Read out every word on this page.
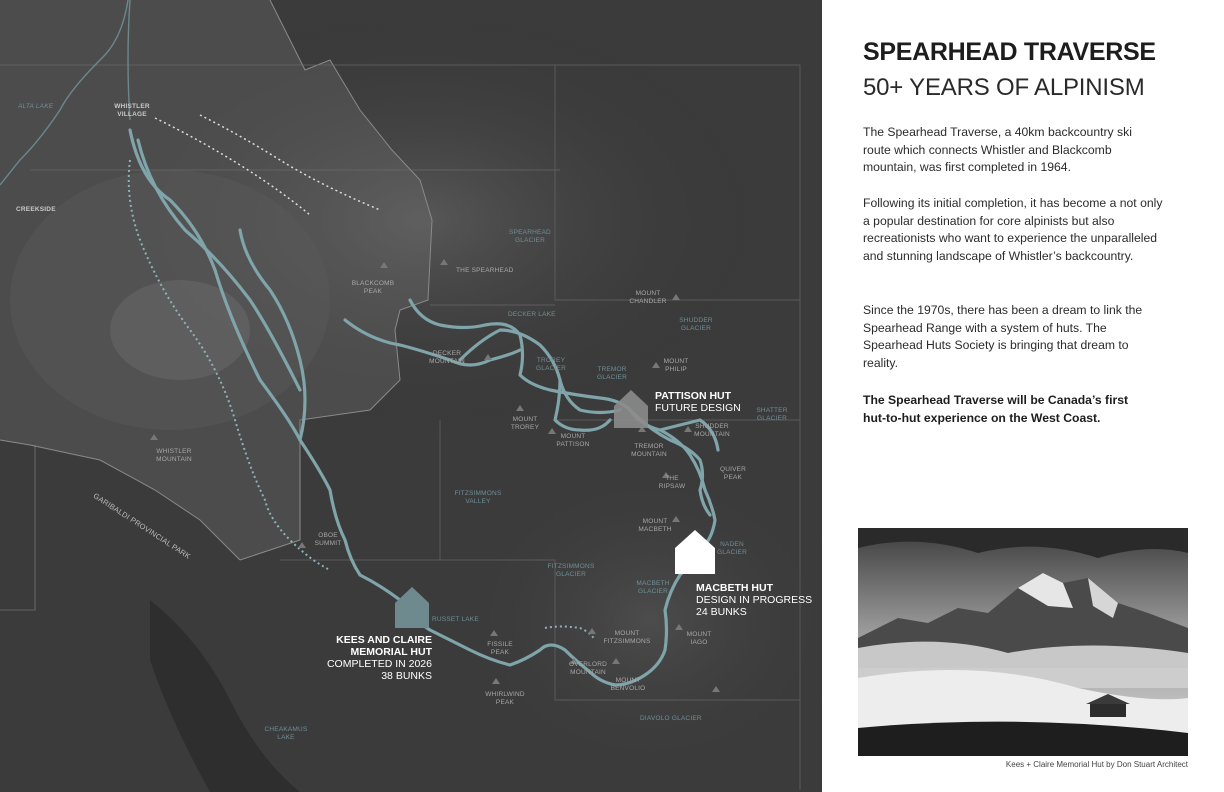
ALTA LAKE	WHISTLER VILLAGE
CREEKSIDE
BLACKCOMB PEAK
THE SPEARHEAD
SPEARHEAD GLACIER
MOUNT CHANDLER
SHUDDER GLACIER
DECKER LAKE
DECKER MOUNTAIN	TROREY GLACIER	TREMOR GLACIER
MOUNT PHILIP
SHATTER GLACIER
MOUNT TROREY
MOUNT PATTISON	TREMOR MOUNTAIN
SHUDDER MOUNTAIN
THE RIPSAW
QUIVER PEAK
WHISTLER MOUNTAIN
GARIBALDI PROVINCIAL PARK	FITZSIMMONS VALLEY
MOUNT MACBETH
NADEN GLACIER
OBOE SUMMIT
FITZSIMMONS GLACIER
MACBETH GLACIER
RUSSET LAKE
FISSILE PEAK
MOUNT FITZSIMMONS
MOUNT IAGO
OVERLORD MOUNTAIN
MOUNT BENVOLIO
WHIRLWIND PEAK
DIAVOLO GLACIER
CHEAKAMUS LAKE
PATTISON HUT
FUTURE DESIGN
MACBETH HUT
DESIGN IN PROGRESS
24 BUNKS
KEES AND CLAIRE
MEMORIAL HUT
COMPLETED IN 2026
38 BUNKS
SPEARHEAD TRAVERSE
50+ YEARS OF ALPINISM

The Spearhead Traverse, a 40km backcountry ski route which connects Whistler and Blackcomb mountain, was first completed in 1964.

Following its initial completion, it has become a not only a popular destination for core alpinists but also recreationists who want to experience the unparalleled and stunning landscape of Whistler’s backcountry.

Since the 1970s, there has been a dream to link the Spearhead Range with a system of huts. The Spearhead Huts Society is bringing that dream to reality.

The Spearhead Traverse will be Canada’s first hut-to-hut experience on the West Coast.

Kees + Claire Memorial Hut by Don Stuart Architect
